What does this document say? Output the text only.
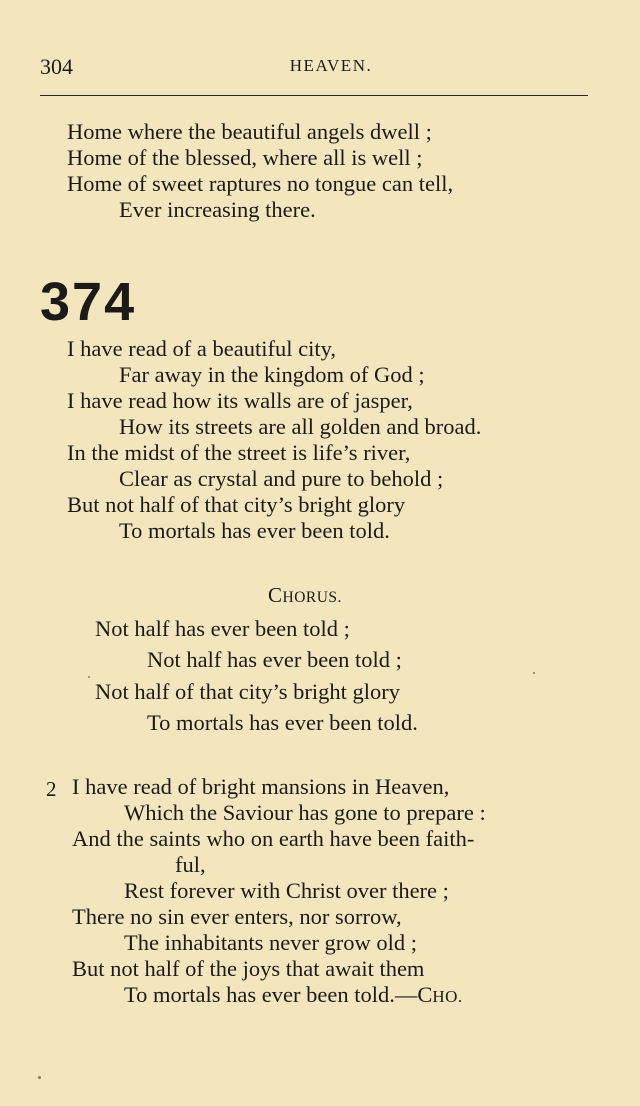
304	HEAVEN.
Home where the beautiful angels dwell ;
Home of the blessed, where all is well ;
Home of sweet raptures no tongue can tell,
Ever increasing there.
374
I have read of a beautiful city,
Far away in the kingdom of God ;
I have read how its walls are of jasper,
How its streets are all golden and broad.
In the midst of the street is life’s river,
Clear as crystal and pure to behold ;
But not half of that city’s bright glory
To mortals has ever been told.
CHORUS.
Not half has ever been told ;
Not half has ever been told ;
Not half of that city’s bright glory
To mortals has ever been told.
2 I have read of bright mansions in Heaven,
Which the Saviour has gone to prepare :
And the saints who on earth have been faith-
ful,
Rest forever with Christ over there ;
There no sin ever enters, nor sorrow,
The inhabitants never grow old ;
But not half of the joys that await them
To mortals has ever been told.—CHO.
